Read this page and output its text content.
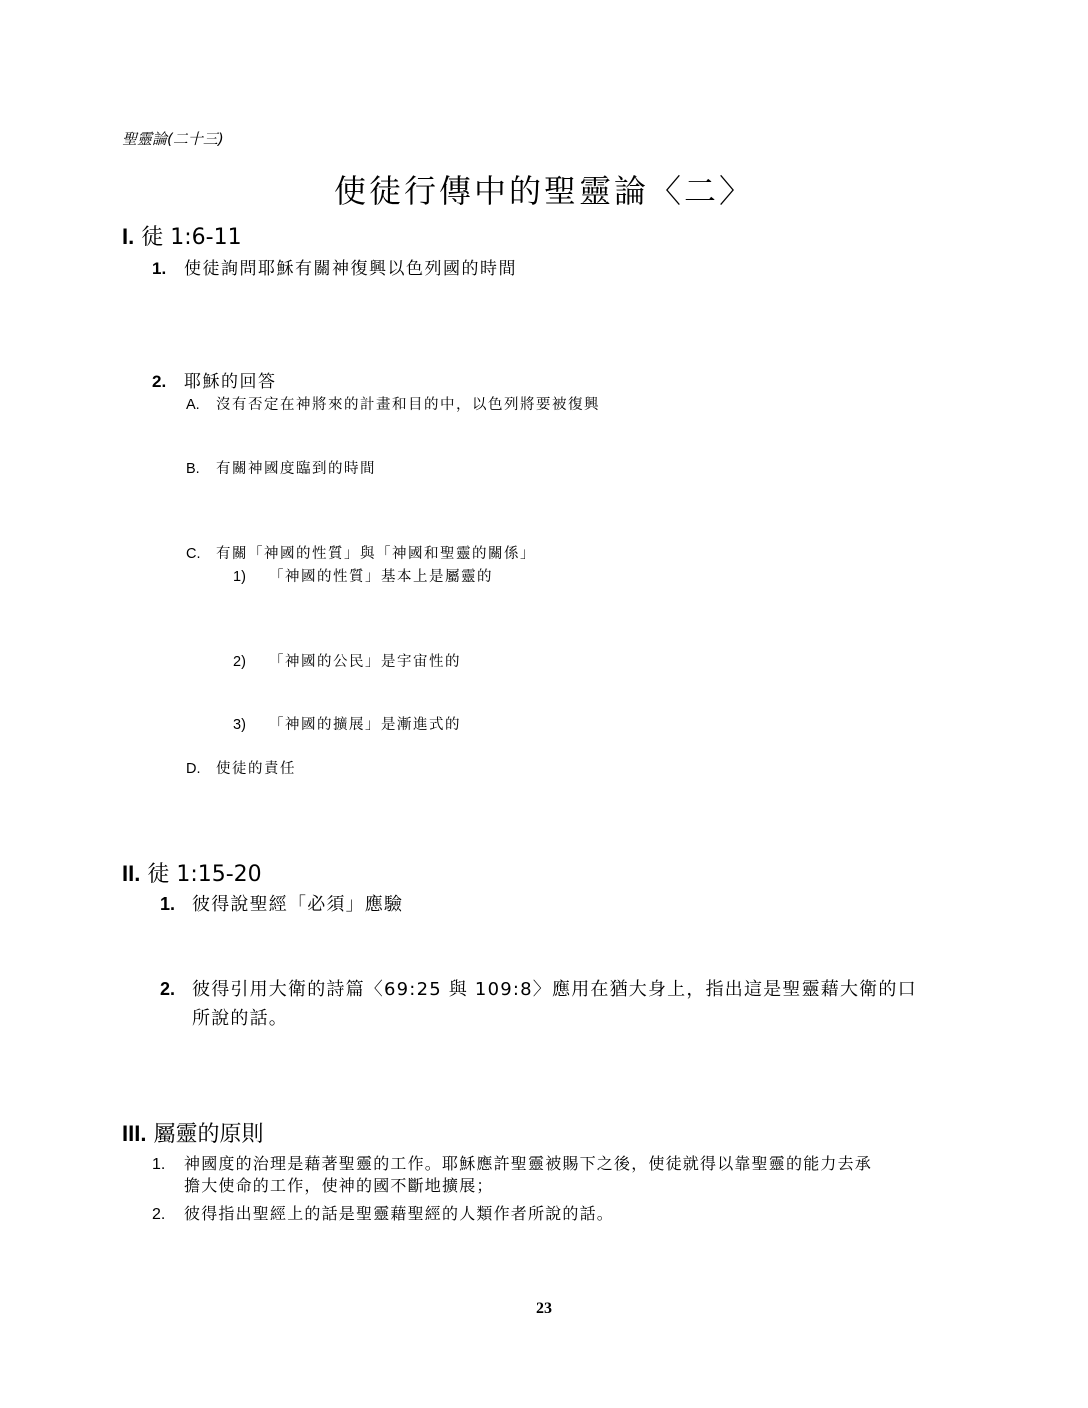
聖靈論(二十三)
使徒行傳中的聖靈論〈二〉
I. 徒 1:6-11
1. 使徒詢問耶穌有關神復興以色列國的時間
2. 耶穌的回答
A. 沒有否定在神將來的計畫和目的中，以色列將要被復興
B. 有關神國度臨到的時間
C. 有關「神國的性質」與「神國和聖靈的關係」
1) 「神國的性質」基本上是屬靈的
2) 「神國的公民」是宇宙性的
3) 「神國的擴展」是漸進式的
D. 使徒的責任
II. 徒 1:15-20
1. 彼得說聖經「必須」應驗
2. 彼得引用大衛的詩篇〈69:25 與 109:8〉應用在猶大身上，指出這是聖靈藉大衛的口
所說的話。
III. 屬靈的原則
1. 神國度的治理是藉著聖靈的工作。耶穌應許聖靈被賜下之後，使徒就得以靠聖靈的能力去承
擔大使命的工作，使神的國不斷地擴展；
2. 彼得指出聖經上的話是聖靈藉聖經的人類作者所說的話。
23
